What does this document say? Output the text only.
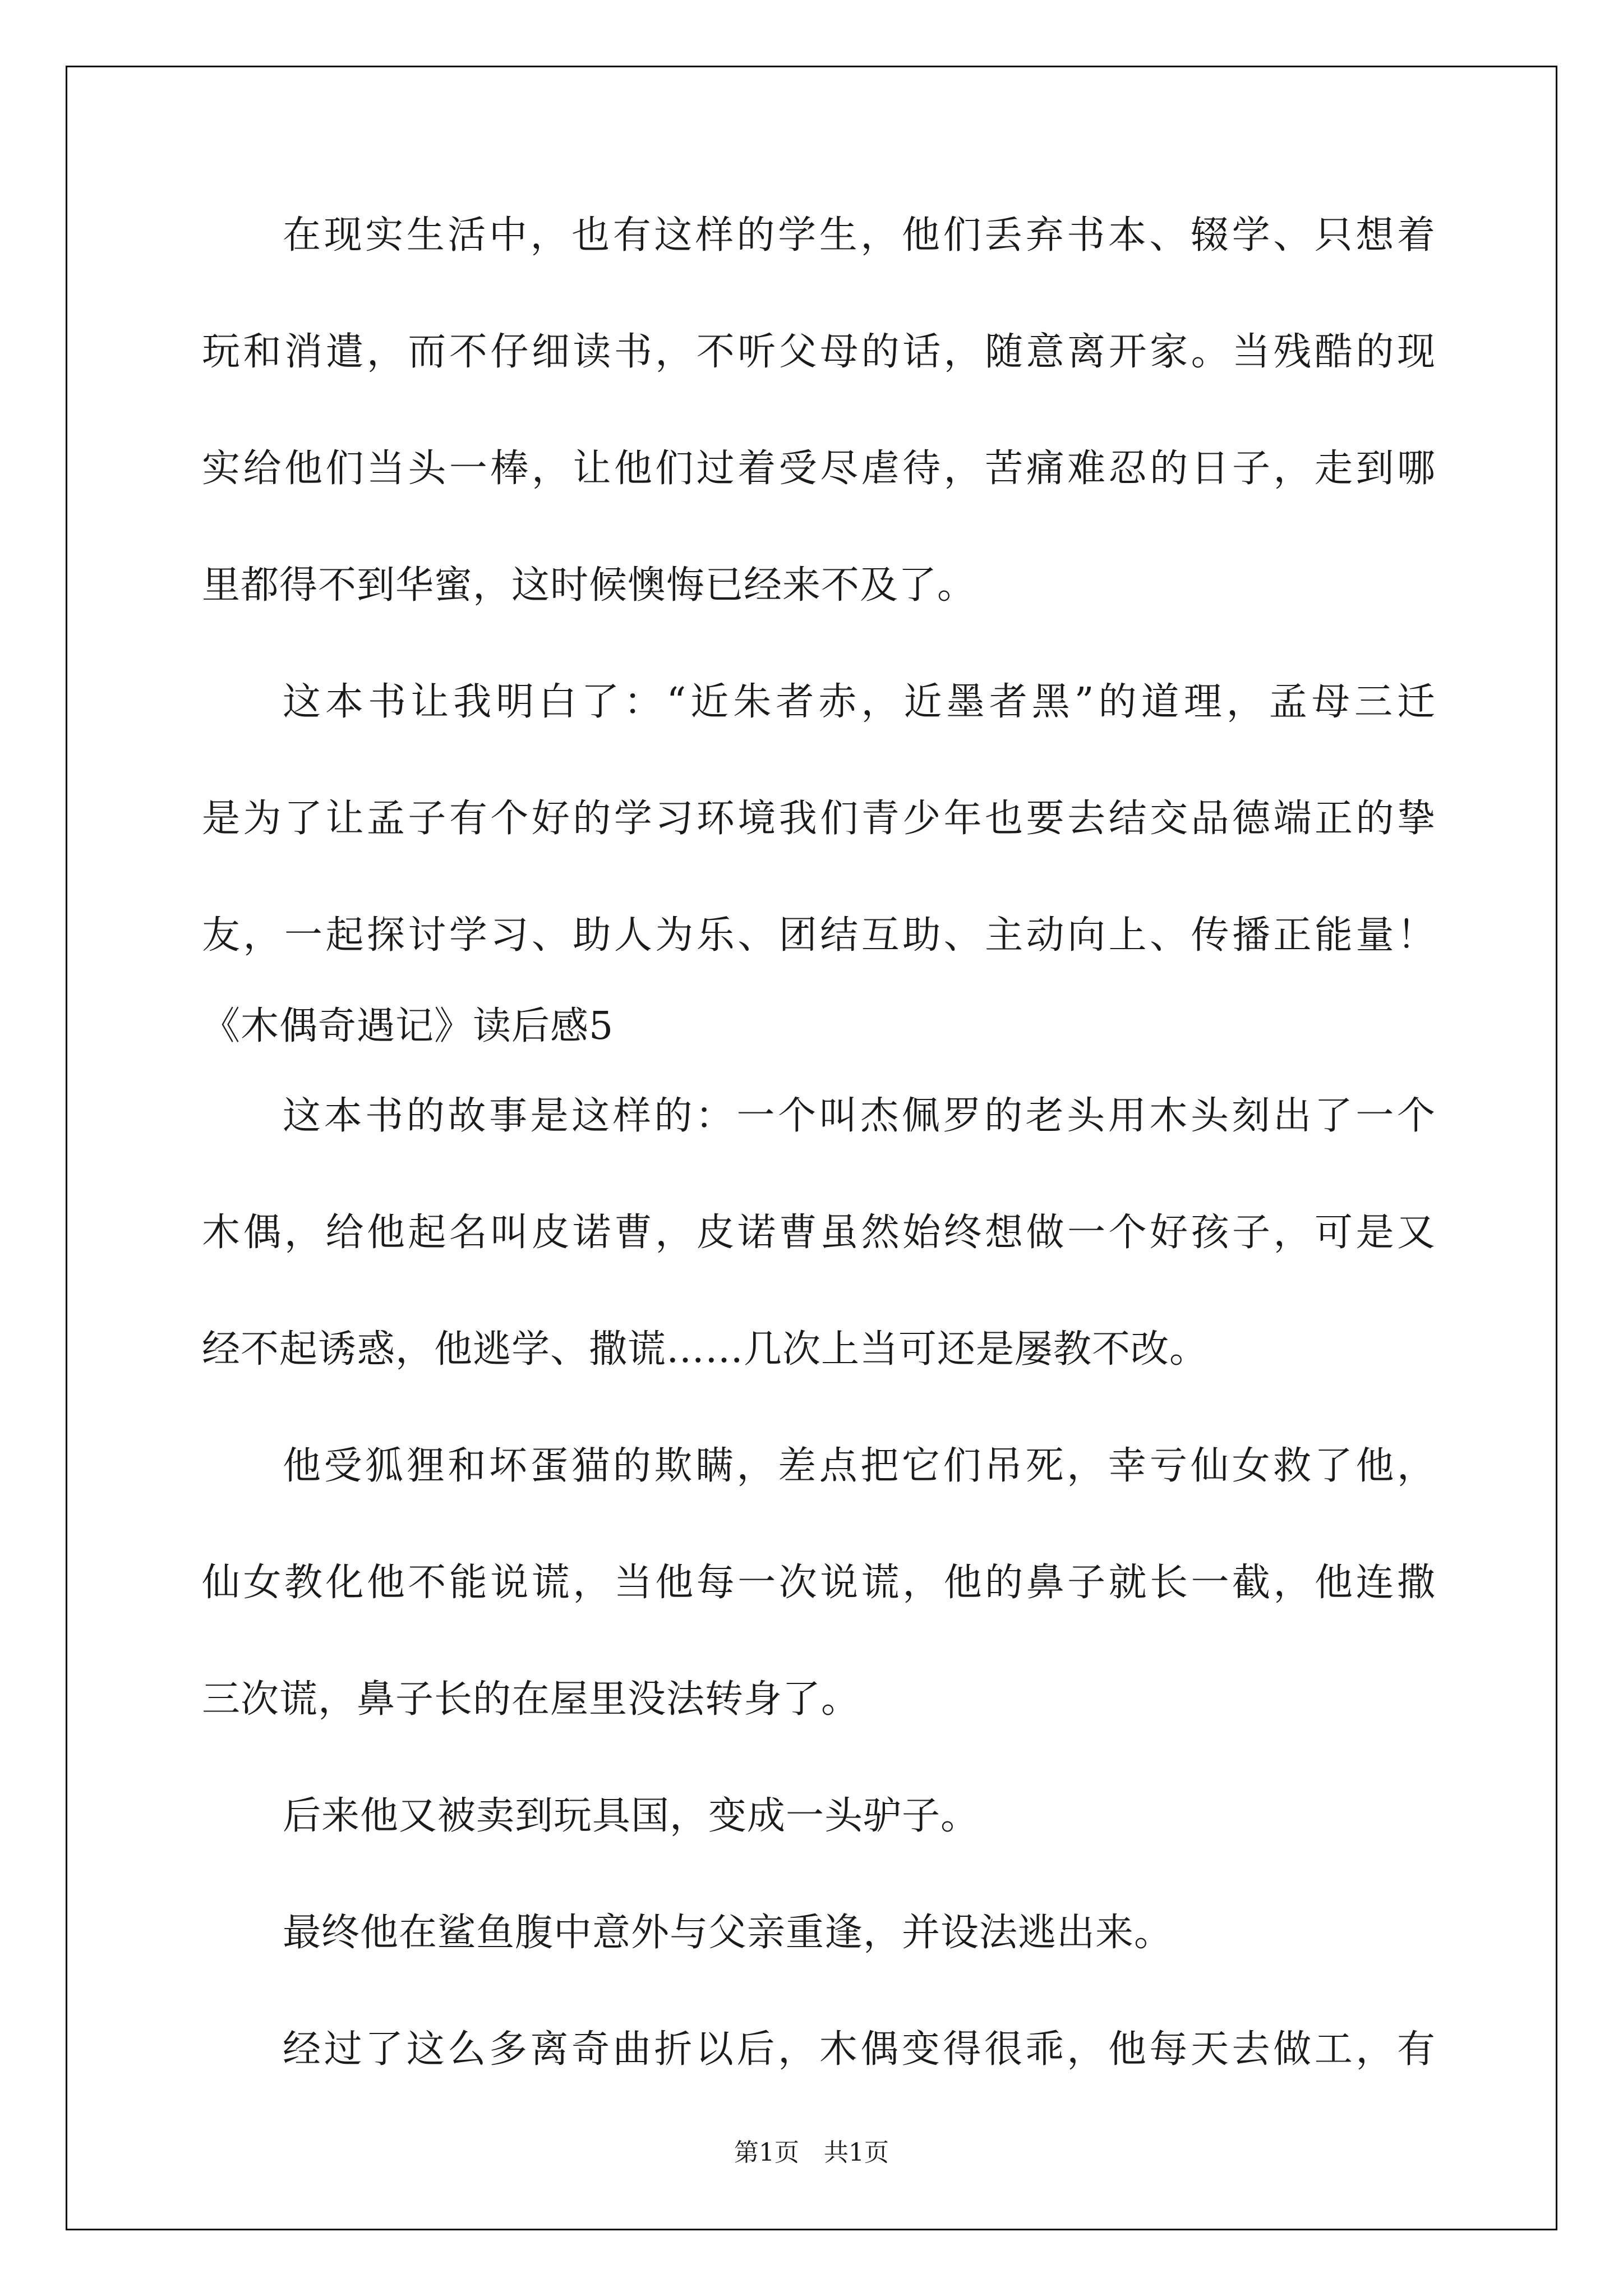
在现实生活中，也有这样的学生，他们丢弃书本、辍学、只想着
玩和消遣，而不仔细读书，不听父母的话，随意离开家。当残酷的现
实给他们当头一棒，让他们过着受尽虐待，苦痛难忍的日子，走到哪
里都得不到华蜜，这时候懊悔已经来不及了。
这本书让我明白了：“近朱者赤，近墨者黑”的道理，孟母三迁
是为了让孟子有个好的学习环境我们青少年也要去结交品德端正的挚
友，一起探讨学习、助人为乐、团结互助、主动向上、传播正能量！
《木偶奇遇记》读后感5
这本书的故事是这样的：一个叫杰佩罗的老头用木头刻出了一个
木偶，给他起名叫皮诺曹，皮诺曹虽然始终想做一个好孩子，可是又
经不起诱惑，他逃学、撒谎……几次上当可还是屡教不改。
他受狐狸和坏蛋猫的欺瞒，差点把它们吊死，幸亏仙女救了他，
仙女教化他不能说谎，当他每一次说谎，他的鼻子就长一截，他连撒
三次谎，鼻子长的在屋里没法转身了。
后来他又被卖到玩具国，变成一头驴子。
最终他在鲨鱼腹中意外与父亲重逢，并设法逃出来。
经过了这么多离奇曲折以后，木偶变得很乖，他每天去做工，有
第1页　共1页
